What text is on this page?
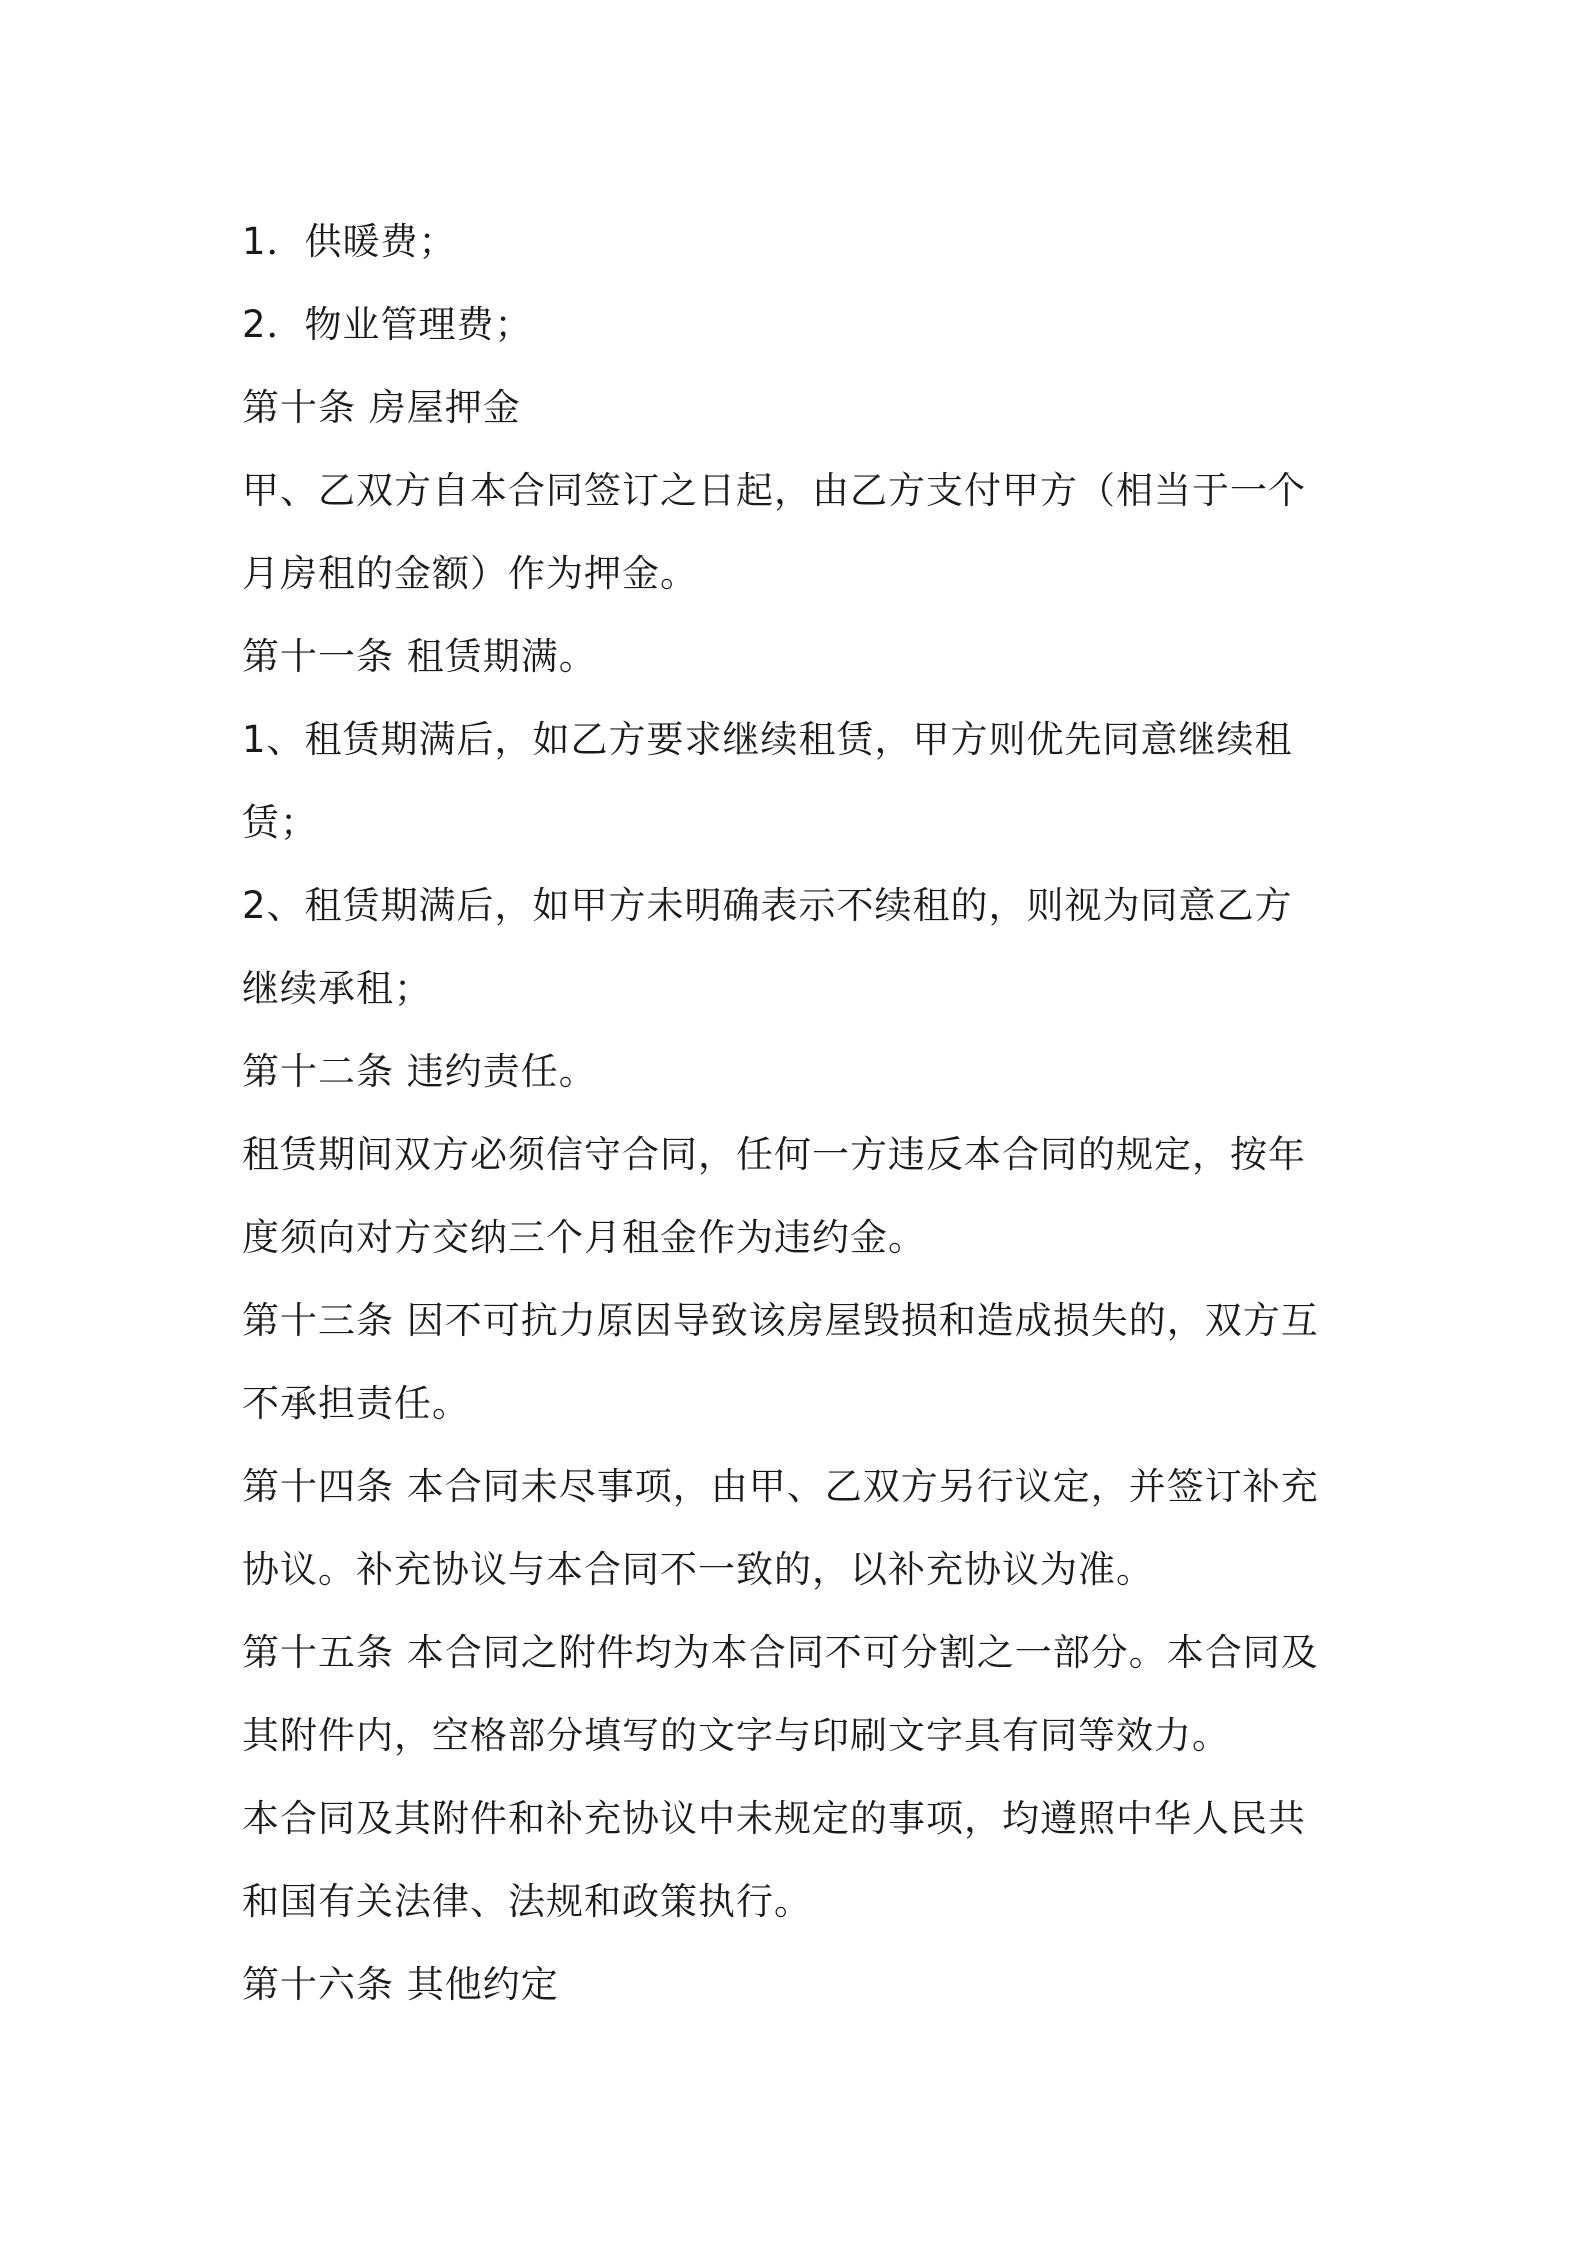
1．供暖费；

2．物业管理费；

第十条 房屋押金

甲、乙双方自本合同签订之日起，由乙方支付甲方（相当于一个

月房租的金额）作为押金。

第十一条 租赁期满。

1、租赁期满后，如乙方要求继续租赁，甲方则优先同意继续租

赁；

2、租赁期满后，如甲方未明确表示不续租的，则视为同意乙方

继续承租；

第十二条 违约责任。

租赁期间双方必须信守合同，任何一方违反本合同的规定，按年

度须向对方交纳三个月租金作为违约金。

第十三条 因不可抗力原因导致该房屋毁损和造成损失的，双方互

不承担责任。

第十四条 本合同未尽事项，由甲、乙双方另行议定，并签订补充

协议。补充协议与本合同不一致的，以补充协议为准。

第十五条 本合同之附件均为本合同不可分割之一部分。本合同及

其附件内，空格部分填写的文字与印刷文字具有同等效力。

本合同及其附件和补充协议中未规定的事项，均遵照中华人民共

和国有关法律、法规和政策执行。

第十六条 其他约定
